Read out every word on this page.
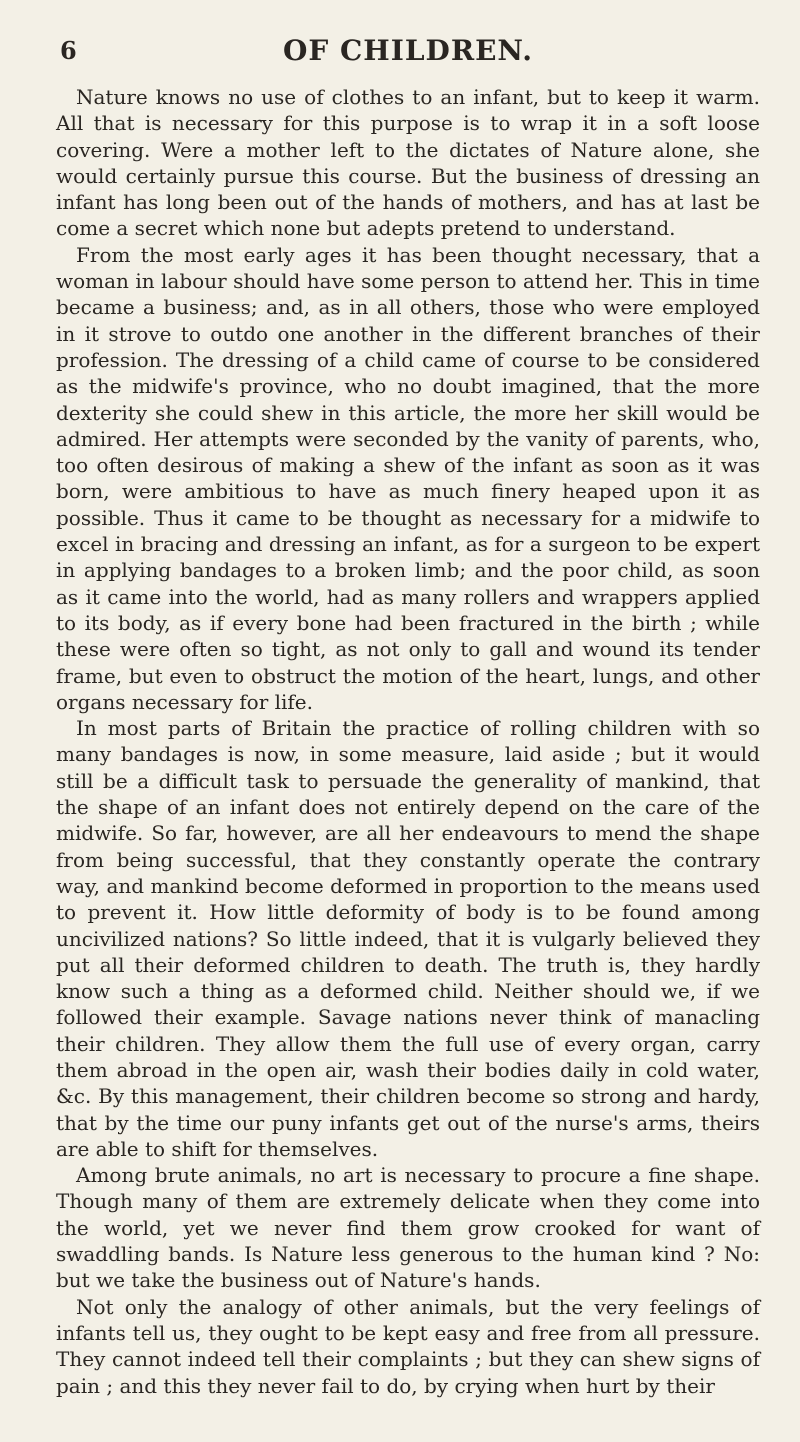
6	OF CHILDREN.

Nature knows no use of clothes to an infant, but to keep it warm. All that is necessary for this purpose is to wrap it in a soft loose covering. Were a mother left to the dictates of Nature alone, she would certainly pursue this course. But the business of dressing an infant has long been out of the hands of mothers, and has at last be come a secret which none but adepts pretend to understand.

From the most early ages it has been thought necessary, that a woman in labour should have some person to attend her. This in time became a business; and, as in all others, those who were employed in it strove to outdo one another in the different branches of their profession. The dressing of a child came of course to be considered as the midwife's province, who no doubt imagined, that the more dexterity she could shew in this article, the more her skill would be admired. Her attempts were seconded by the vanity of parents, who, too often desirous of making a shew of the infant as soon as it was born, were ambitious to have as much finery heaped upon it as possible. Thus it came to be thought as necessary for a midwife to excel in bracing and dressing an infant, as for a surgeon to be expert in applying bandages to a broken limb; and the poor child, as soon as it came into the world, had as many rollers and wrappers applied to its body, as if every bone had been fractured in the birth ; while these were often so tight, as not only to gall and wound its tender frame, but even to obstruct the motion of the heart, lungs, and other organs necessary for life.

In most parts of Britain the practice of rolling children with so many bandages is now, in some measure, laid aside ; but it would still be a difficult task to persuade the generality of mankind, that the shape of an infant does not entirely depend on the care of the midwife. So far, however, are all her endeavours to mend the shape from being successful, that they constantly operate the contrary way, and mankind become deformed in proportion to the means used to prevent it. How little deformity of body is to be found among uncivilized nations? So little indeed, that it is vulgarly believed they put all their deformed children to death. The truth is, they hardly know such a thing as a deformed child. Neither should we, if we followed their example. Savage nations never think of manacling their children. They allow them the full use of every organ, carry them abroad in the open air, wash their bodies daily in cold water, &c. By this management, their children become so strong and hardy, that by the time our puny infants get out of the nurse's arms, theirs are able to shift for themselves.

Among brute animals, no art is necessary to procure a fine shape. Though many of them are extremely delicate when they come into the world, yet we never find them grow crooked for want of swaddling bands. Is Nature less generous to the human kind ? No: but we take the business out of Nature's hands.

Not only the analogy of other animals, but the very feelings of infants tell us, they ought to be kept easy and free from all pressure. They cannot indeed tell their complaints ; but they can shew signs of pain ; and this they never fail to do, by crying when hurt by their
